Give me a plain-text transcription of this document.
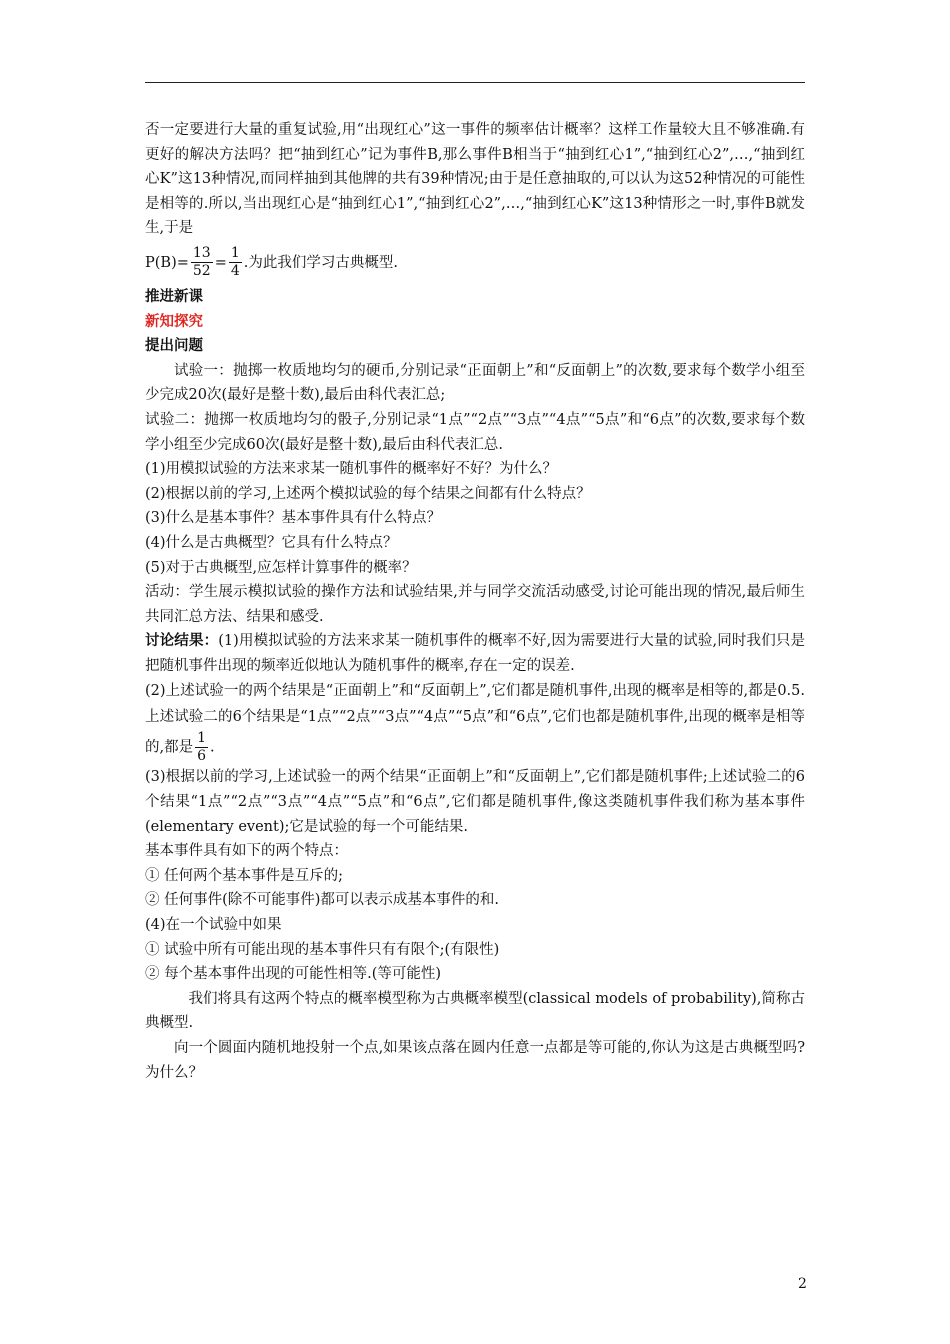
否一定要进行大量的重复试验,用“出现红心”这一事件的频率估计概率？这样工作量较大且不够准确.有更好的解决方法吗？把“抽到红心”记为事件B,那么事件B相当于“抽到红心1”,“抽到红心2”,…,“抽到红心K”这13种情况,而同样抽到其他牌的共有39种情况;由于是任意抽取的,可以认为这52种情况的可能性是相等的.所以,当出现红心是“抽到红心1”,“抽到红心2”,…,“抽到红心K”这13种情形之一时,事件B就发生,于是

$P(B)= \frac{13}{52} = \frac{1}{4}$ .为此我们学习古典概型.

推进新课

新知探究

提出问题

试验一：抛掷一枚质地均匀的硬币,分别记录“正面朝上”和“反面朝上”的次数,要求每个数学小组至少完成20次(最好是整十数),最后由科代表汇总;

试验二：抛掷一枚质地均匀的骰子,分别记录“1点”“2点”“3点”“4点”“5点”和“6点”的次数,要求每个数学小组至少完成60次(最好是整十数),最后由科代表汇总.

(1)用模拟试验的方法来求某一随机事件的概率好不好？为什么？

(2)根据以前的学习,上述两个模拟试验的每个结果之间都有什么特点？

(3)什么是基本事件？基本事件具有什么特点？

(4)什么是古典概型？它具有什么特点？

(5)对于古典概型,应怎样计算事件的概率？

活动：学生展示模拟试验的操作方法和试验结果,并与同学交流活动感受,讨论可能出现的情况,最后师生共同汇总方法、结果和感受.

讨论结果：(1)用模拟试验的方法来求某一随机事件的概率不好,因为需要进行大量的试验,同时我们只是把随机事件出现的频率近似地认为随机事件的概率,存在一定的误差.

(2)上述试验一的两个结果是“正面朝上”和“反面朝上”,它们都是随机事件,出现的概率是相等的,都是0.5.上述试验二的6个结果是“1点”“2点”“3点”“4点”“5点”和“6点”,它们也都是随机事件,出现的概率是相等的,都是 $\frac{1}{6}$ .

(3)根据以前的学习,上述试验一的两个结果“正面朝上”和“反面朝上”,它们都是随机事件;上述试验二的6个结果“1点”“2点”“3点”“4点”“5点”和“6点”,它们都是随机事件,像这类随机事件我们称为基本事件(elementary event);它是试验的每一个可能结果.

基本事件具有如下的两个特点：

① 任何两个基本事件是互斥的;

② 任何事件(除不可能事件)都可以表示成基本事件的和.

(4)在一个试验中如果

① 试验中所有可能出现的基本事件只有有限个;(有限性)

② 每个基本事件出现的可能性相等.(等可能性)

我们将具有这两个特点的概率模型称为古典概率模型(classical models of probability),简称古典概型.

向一个圆面内随机地投射一个点,如果该点落在圆内任意一点都是等可能的,你认为这是古典概型吗?为什么？

2
